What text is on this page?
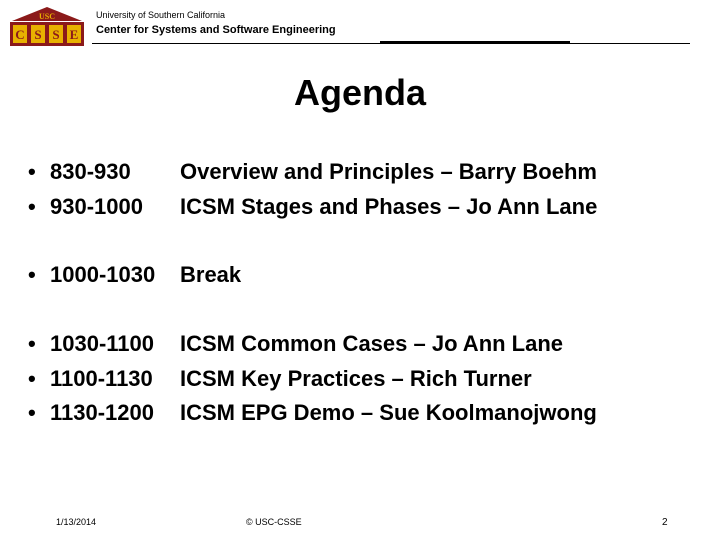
USC
C S S E
University of Southern California
Center for Systems and Software Engineering
Agenda
• 830-930	Overview and Principles – Barry Boehm
• 930-1000	ICSM Stages and Phases – Jo Ann Lane
• 1000-1030	Break
• 1030-1100	ICSM Common Cases – Jo Ann Lane
• 1100-1130	ICSM Key Practices – Rich Turner
• 1130-1200	ICSM EPG Demo – Sue Koolmanojwong
1/13/2014	© USC-CSSE	2
